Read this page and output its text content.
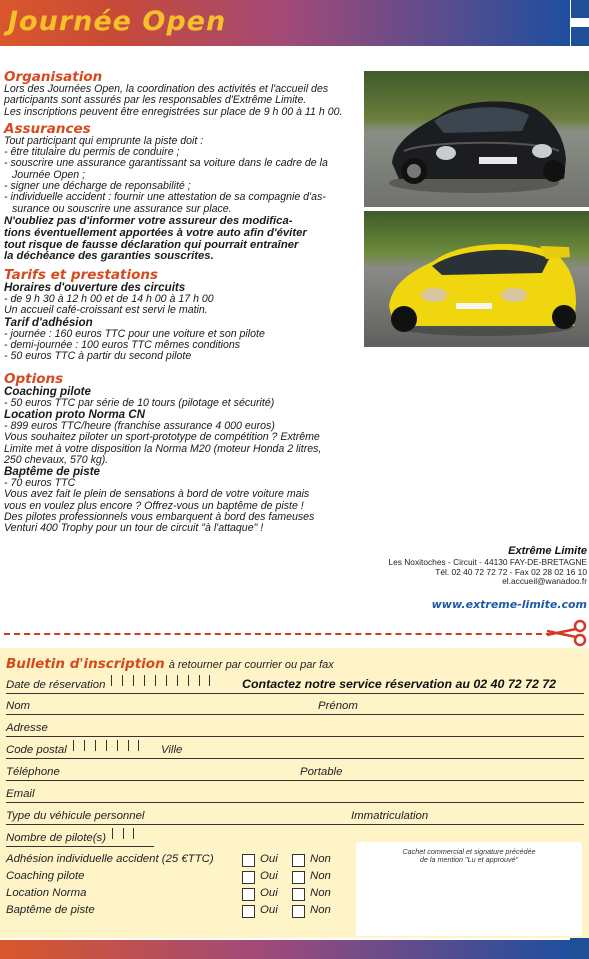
Journée Open
Organisation
Lors des Journées Open, la coordination des activités et l'accueil des
participants sont assurés par les responsables d'Extrême Limite.
Les inscriptions peuvent être enregistrées sur place de 9 h 00 à 11 h 00.
Assurances
Tout participant qui emprunte la piste doit :
- être titulaire du permis de conduire ;
- souscrire une assurance garantissant sa voiture dans le cadre de la
Journée Open ;
- signer une décharge de reponsabilité ;
- individuelle accident : fournir une attestation de sa compagnie d'as-
surance ou souscrire une assurance sur place.
N'oubliez pas d'informer votre assureur des modifica-
tions éventuellement apportées à votre auto afin d'éviter
tout risque de fausse déclaration qui pourrait entraîner
la déchéance des garanties souscrites.
Tarifs et prestations
Horaires d'ouverture des circuits
- de 9 h 30 à 12 h 00 et de 14 h 00 à 17 h 00
Un accueil café-croissant est servi le matin.
Tarif d'adhésion
- journée : 160 euros TTC pour une voiture et son pilote
- demi-journée : 100 euros TTC mêmes conditions
- 50 euros TTC à partir du second pilote
Options
Coaching pilote
- 50 euros TTC par série de 10 tours (pilotage et sécurité)
Location proto Norma CN
- 899 euros TTC/heure (franchise assurance 4 000 euros)
Vous souhaitez piloter un sport-prototype de compétition ? Extrême
Limite met à votre disposition la Norma M20 (moteur Honda 2 litres,
250 chevaux, 570 kg).
Baptême de piste
- 70 euros TTC
Vous avez fait le plein de sensations à bord de votre voiture mais
vous en voulez plus encore ? Offrez-vous un baptême de piste !
Des pilotes professionnels vous embarquent à bord des fameuses
Venturi 400 Trophy pour un tour de circuit "à l'attaque" !
Extrême Limite
Les Noxitoches - Circuit - 44130 FAY-DE-BRETAGNE
Tél. 02 40 72 72 72 - Fax 02 28 02 16 10
el.accueil@wanadoo.fr
www.extreme-limite.com
Bulletin d'inscription à retourner par courrier ou par fax
Date de réservation	Contactez notre service réservation au 02 40 72 72 72
Nom	Prénom
Adresse
Code postal	Ville
Téléphone	Portable
Email
Type du véhicule personnel	Immatriculation
Nombre de pilote(s)
Adhésion individuelle accident (25 €TTC)	Oui	Non
Coaching pilote	Oui	Non
Location Norma	Oui	Non
Baptême de piste	Oui	Non
Cachet commercial et signature précédée
de la mention "Lu et approuvé"
